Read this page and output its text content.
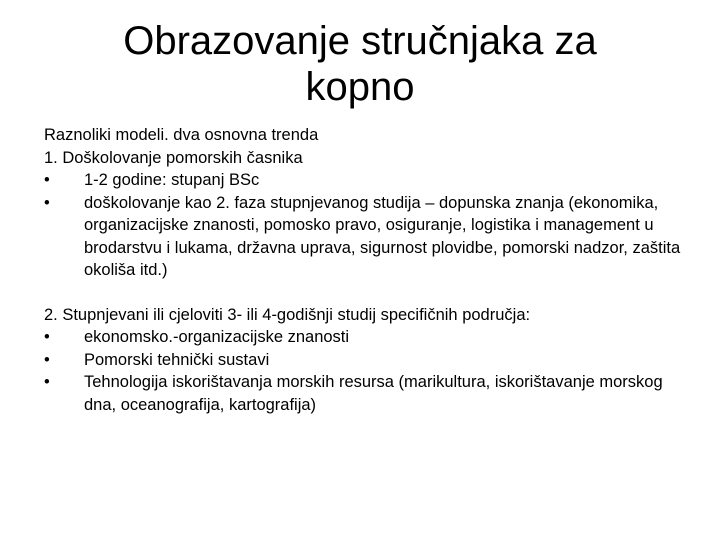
Obrazovanje stručnjaka za
kopno
Raznoliki modeli. dva osnovna trenda
1. Doškolovanje pomorskih časnika
•	1-2 godine: stupanj BSc
•	doškolovanje kao 2. faza stupnjevanog studija – dopunska znanja (ekonomika, organizacijske znanosti, pomosko pravo, osiguranje, logistika i management u brodarstvu i lukama, državna uprava, sigurnost plovidbe, pomorski nadzor, zaštita okoliša itd.)
2. Stupnjevani ili cjeloviti 3- ili 4-godišnji studij specifičnih područja:
•	ekonomsko.-organizacijske znanosti
•	Pomorski tehnički sustavi
•	Tehnologija iskorištavanja morskih resursa (marikultura, iskorištavanje morskog dna, oceanografija, kartografija)
